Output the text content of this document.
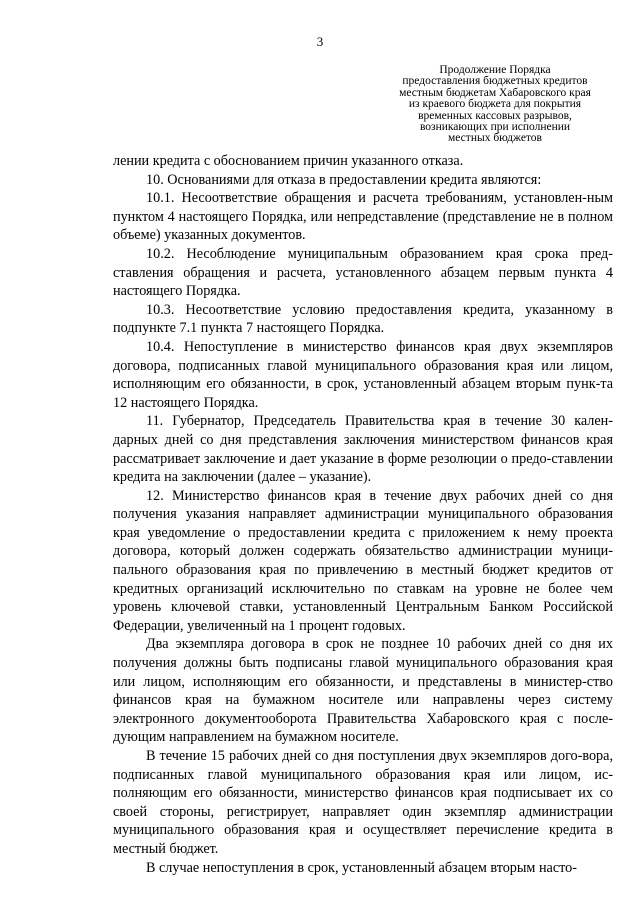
3
Продолжение Порядка
предоставления бюджетных кредитов
местным бюджетам Хабаровского края
из краевого бюджета для покрытия
временных кассовых разрывов,
возникающих при исполнении
местных бюджетов

лении кредита с обоснованием причин указанного отказа.

10. Основаниями для отказа в предоставлении кредита являются:

10.1. Несоответствие обращения и расчета требованиям, установлен-ным пунктом 4 настоящего Порядка, или непредставление (представление не в полном объеме) указанных документов.

10.2. Несоблюдение муниципальным образованием края срока пред-ставления обращения и расчета, установленного абзацем первым пункта 4 настоящего Порядка.

10.3. Несоответствие условию предоставления кредита, указанному в подпункте 7.1 пункта 7 настоящего Порядка.

10.4. Непоступление в министерство финансов края двух экземпляров договора, подписанных главой муниципального образования края или лицом, исполняющим его обязанности, в срок, установленный абзацем вторым пунк-та 12 настоящего Порядка.

11. Губернатор, Председатель Правительства края в течение 30 кален-дарных дней со дня представления заключения министерством финансов края рассматривает заключение и дает указание в форме резолюции о предо-ставлении кредита на заключении (далее – указание).

12. Министерство финансов края в течение двух рабочих дней со дня получения указания направляет администрации муниципального образования края уведомление о предоставлении кредита с приложением к нему проекта договора, который должен содержать обязательство администрации муници-пального образования края по привлечению в местный бюджет кредитов от кредитных организаций исключительно по ставкам на уровне не более чем уровень ключевой ставки, установленный Центральным Банком Российской Федерации, увеличенный на 1 процент годовых.

Два экземпляра договора в срок не позднее 10 рабочих дней со дня их получения должны быть подписаны главой муниципального образования края или лицом, исполняющим его обязанности, и представлены в министер-ство финансов края на бумажном носителе или направлены через систему электронного документооборота Правительства Хабаровского края с после-дующим направлением на бумажном носителе.

В течение 15 рабочих дней со дня поступления двух экземпляров дого-вора, подписанных главой муниципального образования края или лицом, ис-полняющим его обязанности, министерство финансов края подписывает их со своей стороны, регистрирует, направляет один экземпляр администрации муниципального образования края и осуществляет перечисление кредита в местный бюджет.

В случае непоступления в срок, установленный абзацем вторым насто-
